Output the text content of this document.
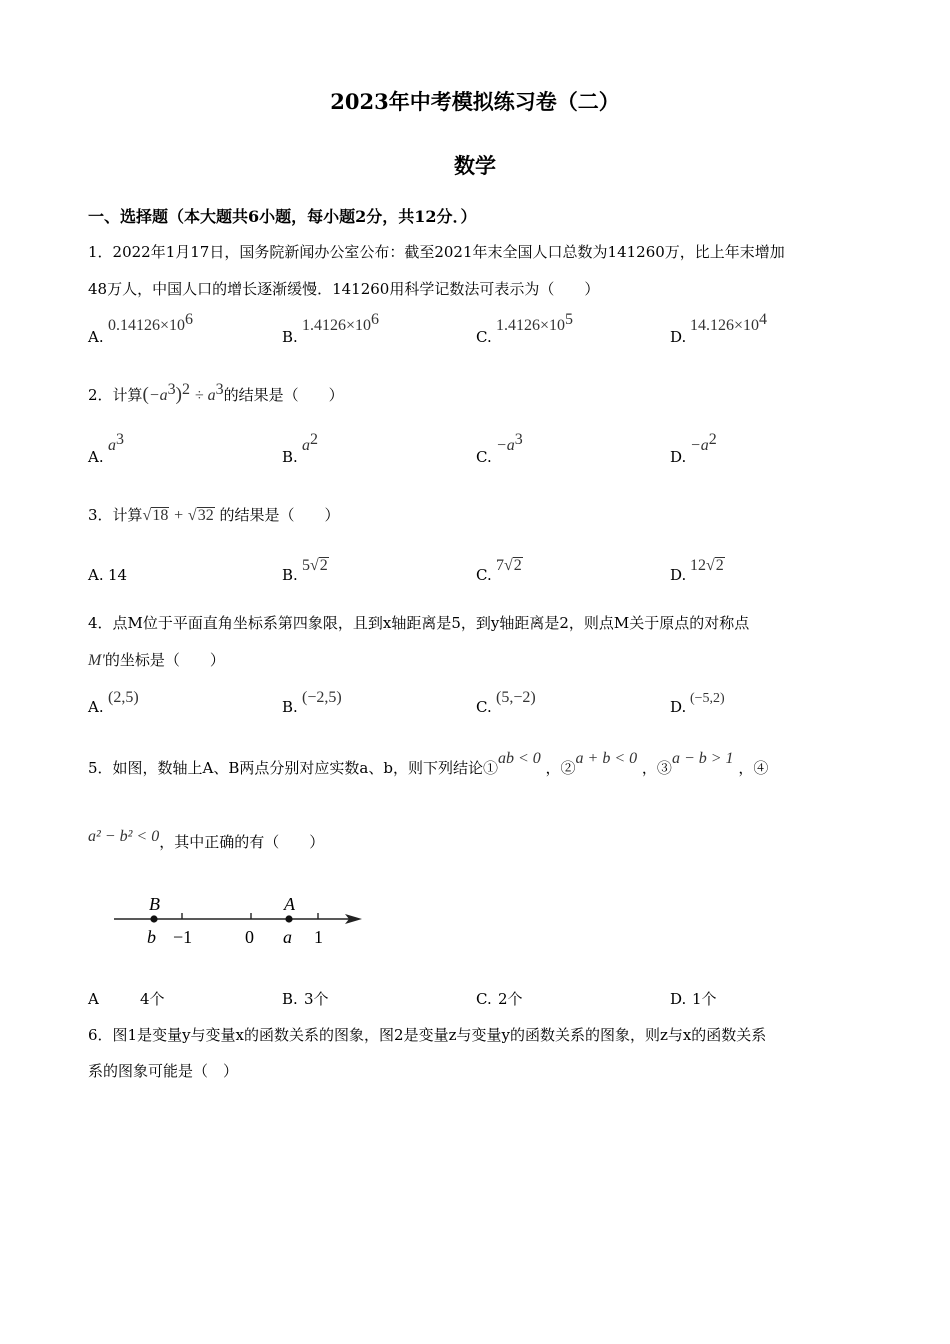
2023年中考模拟练习卷（二）
数学
一、选择题（本大题共6小题，每小题2分，共12分．）
1．2022年1月17日，国务院新闻办公室公布：截至2021年末全国人口总数为141260万，比上年末增加
48万人，中国人口的增长逐渐缓慢．141260用科学记数法可表示为（　　）
$A.0.14126\times 10^6$
$B.1.4126\times 10^6$
$C.1.4126\times 10^5$
$D.14.126\times 10^4$
2．计算$(-a^3)^2 \div a^3$的结果是（　　）
$A.a^3$
$B.a^2$
$C.-a^3$
$D.-a^2$
3．计算√18 + √32 的结果是（　　）
A. 14	B.5√2
C.7√2
D.12√2
4．点M位于平面直角坐标系第四象限，且到x轴距离是5，到y轴距离是2，则点M关于原点的对称点
M′的坐标是（　　）
A.(2,5)
B.(−2,5)
C.(5,−2)
D. (−5,2)
5．如图，数轴上A、B两点分别对应实数a、b，则下列结论①ab < 0 ，②a + b < 0 ，③a − b > 1 ，④
a² − b² < 0，其中正确的有（　　）
B	A
b −1	0 a 1
A	4个	B. 3个	C. 2个	D. 1个
6．图1是变量y与变量x的函数关系的图象，图2是变量z与变量y的函数关系的图象，则z与x的函数关系
系的图象可能是（　）
